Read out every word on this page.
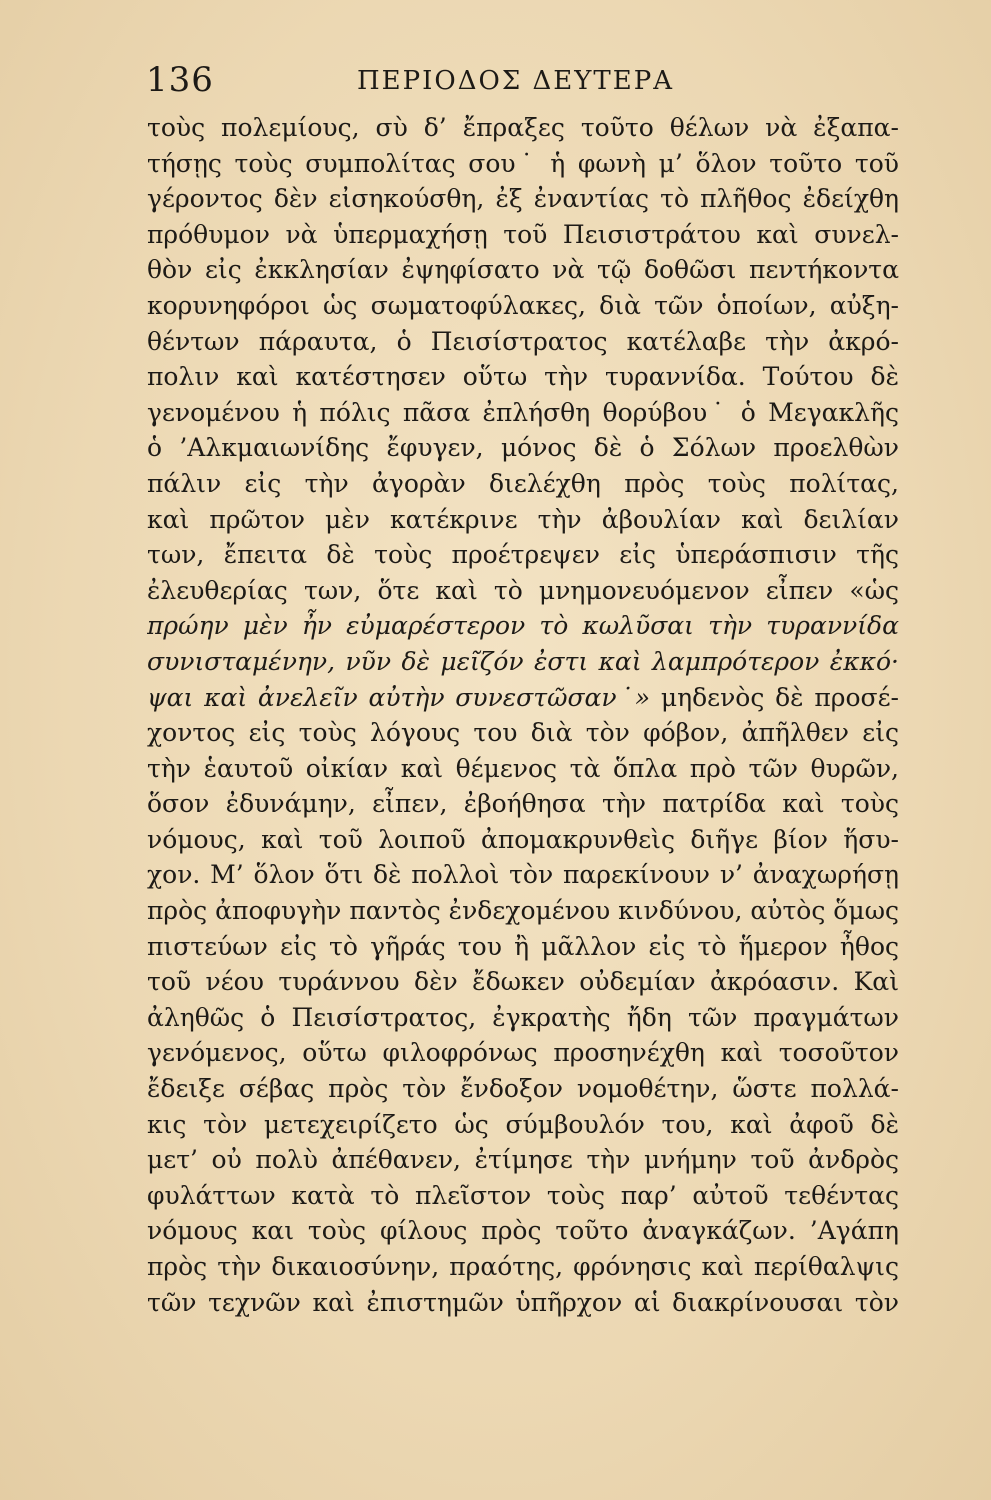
136	ΠΕΡΙΟΔΟΣ ΔΕΥΤΕΡΑ
τοὺς πολεμίους, σὺ δ’ ἔπραξες τοῦτο θέλων νὰ ἐξαπα-
τήσῃς τοὺς συμπολίτας σου˙ ἡ φωνὴ μ’ ὅλον τοῦτο τοῦ
γέροντος δὲν εἰσηκούσθη, ἐξ ἐναντίας τὸ πλῆθος ἐδείχθη
πρόθυμον νὰ ὑπερμαχήσῃ τοῦ Πεισιστράτου καὶ συνελ-
θὸν εἰς ἐκκλησίαν ἐψηφίσατο νὰ τῷ δοθῶσι πεντήκοντα
κορυνηφόροι ὡς σωματοφύλακες, διὰ τῶν ὁποίων, αὐξη-
θέντων πάραυτα, ὁ Πεισίστρατος κατέλαβε τὴν ἀκρό-
πολιν καὶ κατέστησεν οὕτω τὴν τυραννίδα. Τούτου δὲ
γενομένου ἡ πόλις πᾶσα ἐπλήσθη θορύβου˙ ὁ Μεγακλῆς
ὁ ’Αλκμαιωνίδης ἔφυγεν, μόνος δὲ ὁ Σόλων προελθὼν
πάλιν εἰς τὴν ἀγορὰν διελέχθη πρὸς τοὺς πολίτας,
καὶ πρῶτον μὲν κατέκρινε τὴν ἀβουλίαν καὶ δειλίαν
των, ἔπειτα δὲ τοὺς προέτρεψεν εἰς ὑπεράσπισιν τῆς
ἐλευθερίας των, ὅτε καὶ τὸ μνημονευόμενον εἶπεν «ὡς
πρώην μὲν ἦν εὐμαρέστερον τὸ κωλῦσαι τὴν τυραννίδα
συνισταμένην, νῦν δὲ μεῖζόν ἐστι καὶ λαμπρότερον ἐκκό·
ψαι καὶ ἀνελεῖν αὐτὴν συνεστῶσαν˙» μηδενὸς δὲ προσέ-
χοντος εἰς τοὺς λόγους του διὰ τὸν φόβον, ἀπῆλθεν εἰς
τὴν ἑαυτοῦ οἰκίαν καὶ θέμενος τὰ ὅπλα πρὸ τῶν θυρῶν,
ὅσον ἐδυνάμην, εἶπεν, ἐβοήθησα τὴν πατρίδα καὶ τοὺς
νόμους, καὶ τοῦ λοιποῦ ἀπομακρυνθεὶς διῆγε βίον ἥσυ-
χον. Μ’ ὅλον ὅτι δὲ πολλοὶ τὸν παρεκίνουν ν’ ἀναχωρήσῃ
πρὸς ἀποφυγὴν παντὸς ἐνδεχομένου κινδύνου, αὐτὸς ὅμως
πιστεύων εἰς τὸ γῆράς του ἢ μᾶλλον εἰς τὸ ἥμερον ἦθος
τοῦ νέου τυράννου δὲν ἔδωκεν οὐδεμίαν ἀκρόασιν. Καὶ
ἀληθῶς ὁ Πεισίστρατος, ἐγκρατὴς ἤδη τῶν πραγμάτων
γενόμενος, οὕτω φιλοφρόνως προσηνέχθη καὶ τοσοῦτον
ἔδειξε σέβας πρὸς τὸν ἔνδοξον νομοθέτην, ὥστε πολλά-
κις τὸν μετεχειρίζετο ὡς σύμβουλόν του, καὶ ἀφοῦ δὲ
μετ’ οὐ πολὺ ἀπέθανεν, ἐτίμησε τὴν μνήμην τοῦ ἀνδρὸς
φυλάττων κατὰ τὸ πλεῖστον τοὺς παρ’ αὐτοῦ τεθέντας
νόμους και τοὺς φίλους πρὸς τοῦτο ἀναγκάζων. ’Αγάπη
πρὸς τὴν δικαιοσύνην, πραότης, φρόνησις καὶ περίθαλψις
τῶν τεχνῶν καὶ ἐπιστημῶν ὑπῆρχον αἱ διακρίνουσαι τὸν
